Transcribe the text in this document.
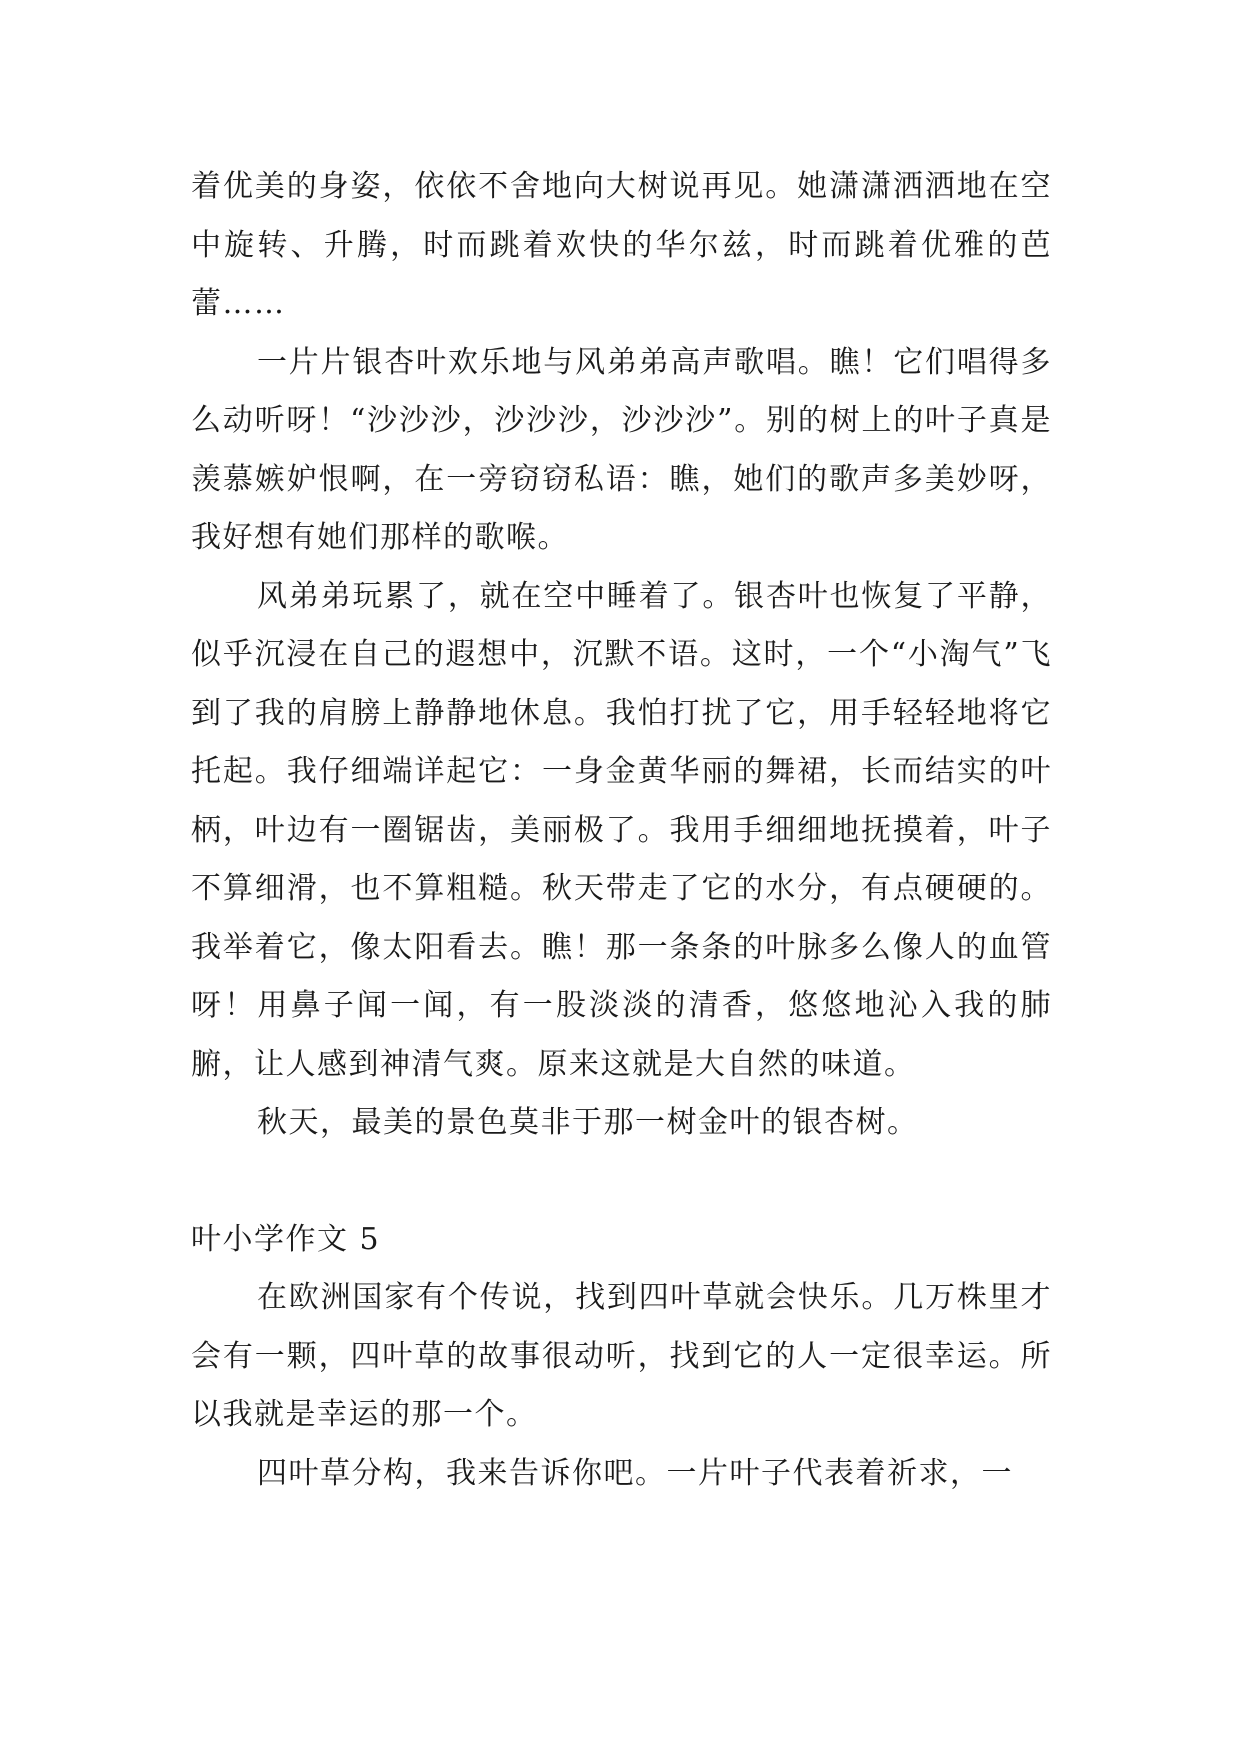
着优美的身姿，依依不舍地向大树说再见。她潇潇洒洒地在空中旋转、升腾，时而跳着欢快的华尔兹，时而跳着优雅的芭蕾……

一片片银杏叶欢乐地与风弟弟高声歌唱。瞧！它们唱得多么动听呀！“沙沙沙，沙沙沙，沙沙沙”。别的树上的叶子真是羡慕嫉妒恨啊，在一旁窃窃私语：瞧，她们的歌声多美妙呀，我好想有她们那样的歌喉。

风弟弟玩累了，就在空中睡着了。银杏叶也恢复了平静，似乎沉浸在自己的遐想中，沉默不语。这时，一个“小淘气”飞到了我的肩膀上静静地休息。我怕打扰了它，用手轻轻地将它托起。我仔细端详起它：一身金黄华丽的舞裙，长而结实的叶柄，叶边有一圈锯齿，美丽极了。我用手细细地抚摸着，叶子不算细滑，也不算粗糙。秋天带走了它的水分，有点硬硬的。我举着它，像太阳看去。瞧！那一条条的叶脉多么像人的血管呀！用鼻子闻一闻，有一股淡淡的清香，悠悠地沁入我的肺腑，让人感到神清气爽。原来这就是大自然的味道。

秋天，最美的景色莫非于那一树金叶的银杏树。

叶小学作文 5

在欧洲国家有个传说，找到四叶草就会快乐。几万株里才会有一颗，四叶草的故事很动听，找到它的人一定很幸运。所以我就是幸运的那一个。

四叶草分构，我来告诉你吧。一片叶子代表着祈求，一
